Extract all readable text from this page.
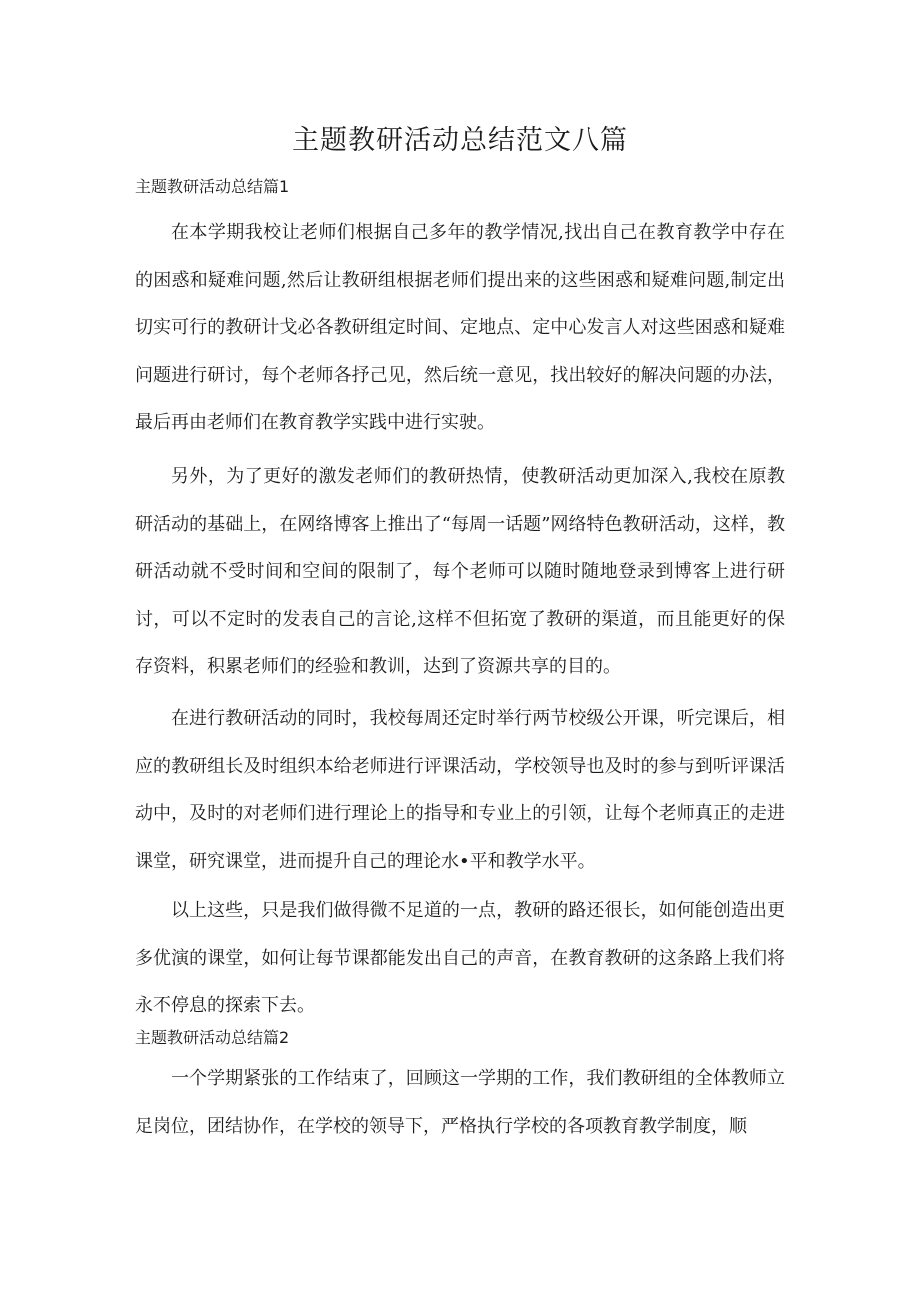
主题教研活动总结范文八篇
主题教研活动总结篇1

在本学期我校让老师们根据自己多年的教学情况,找出自己在教育教学中存在的困惑和疑难问题,然后让教研组根据老师们提出来的这些困惑和疑难问题,制定出切实可行的教研计戈必各教研组定时间、定地点、定中心发言人对这些困惑和疑难问题进行研讨，每个老师各抒己见，然后统一意见，找出较好的解决问题的办法，最后再由老师们在教育教学实践中进行实驶。

另外，为了更好的激发老师们的教研热情，使教研活动更加深入,我校在原教研活动的基础上，在网络博客上推出了“每周一话题”网络特色教研活动，这样，教研活动就不受时间和空间的限制了，每个老师可以随时随地登录到博客上进行研讨，可以不定时的发表自己的言论,这样不但拓宽了教研的渠道，而且能更好的保存资料，积累老师们的经验和教训，达到了资源共享的目的。

在进行教研活动的同时，我校每周还定时举行两节校级公开课，听完课后，相应的教研组长及时组织本给老师进行评课活动，学校领导也及时的参与到听评课活动中，及时的对老师们进行理论上的指导和专业上的引领，让每个老师真正的走进课堂，研究课堂，进而提升自己的理论水•平和教学水平。

以上这些，只是我们做得微不足道的一点，教研的路还很长，如何能创造出更多优演的课堂，如何让每节课都能发出自己的声音，在教育教研的这条路上我们将永不停息的探索下去。

主题教研活动总结篇2

一个学期紧张的工作结束了，回顾这一学期的工作，我们教研组的全体教师立足岗位，团结协作，在学校的领导下，严格执行学校的各项教育教学制度，顺
